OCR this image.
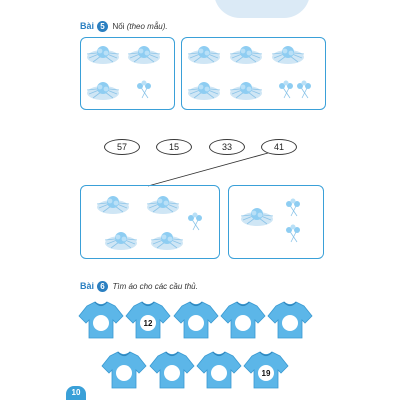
Bài 5 Nối (theo mẫu).
57	15	33	41
Bài 6 Tìm áo cho các cầu thủ.
12
19
10
